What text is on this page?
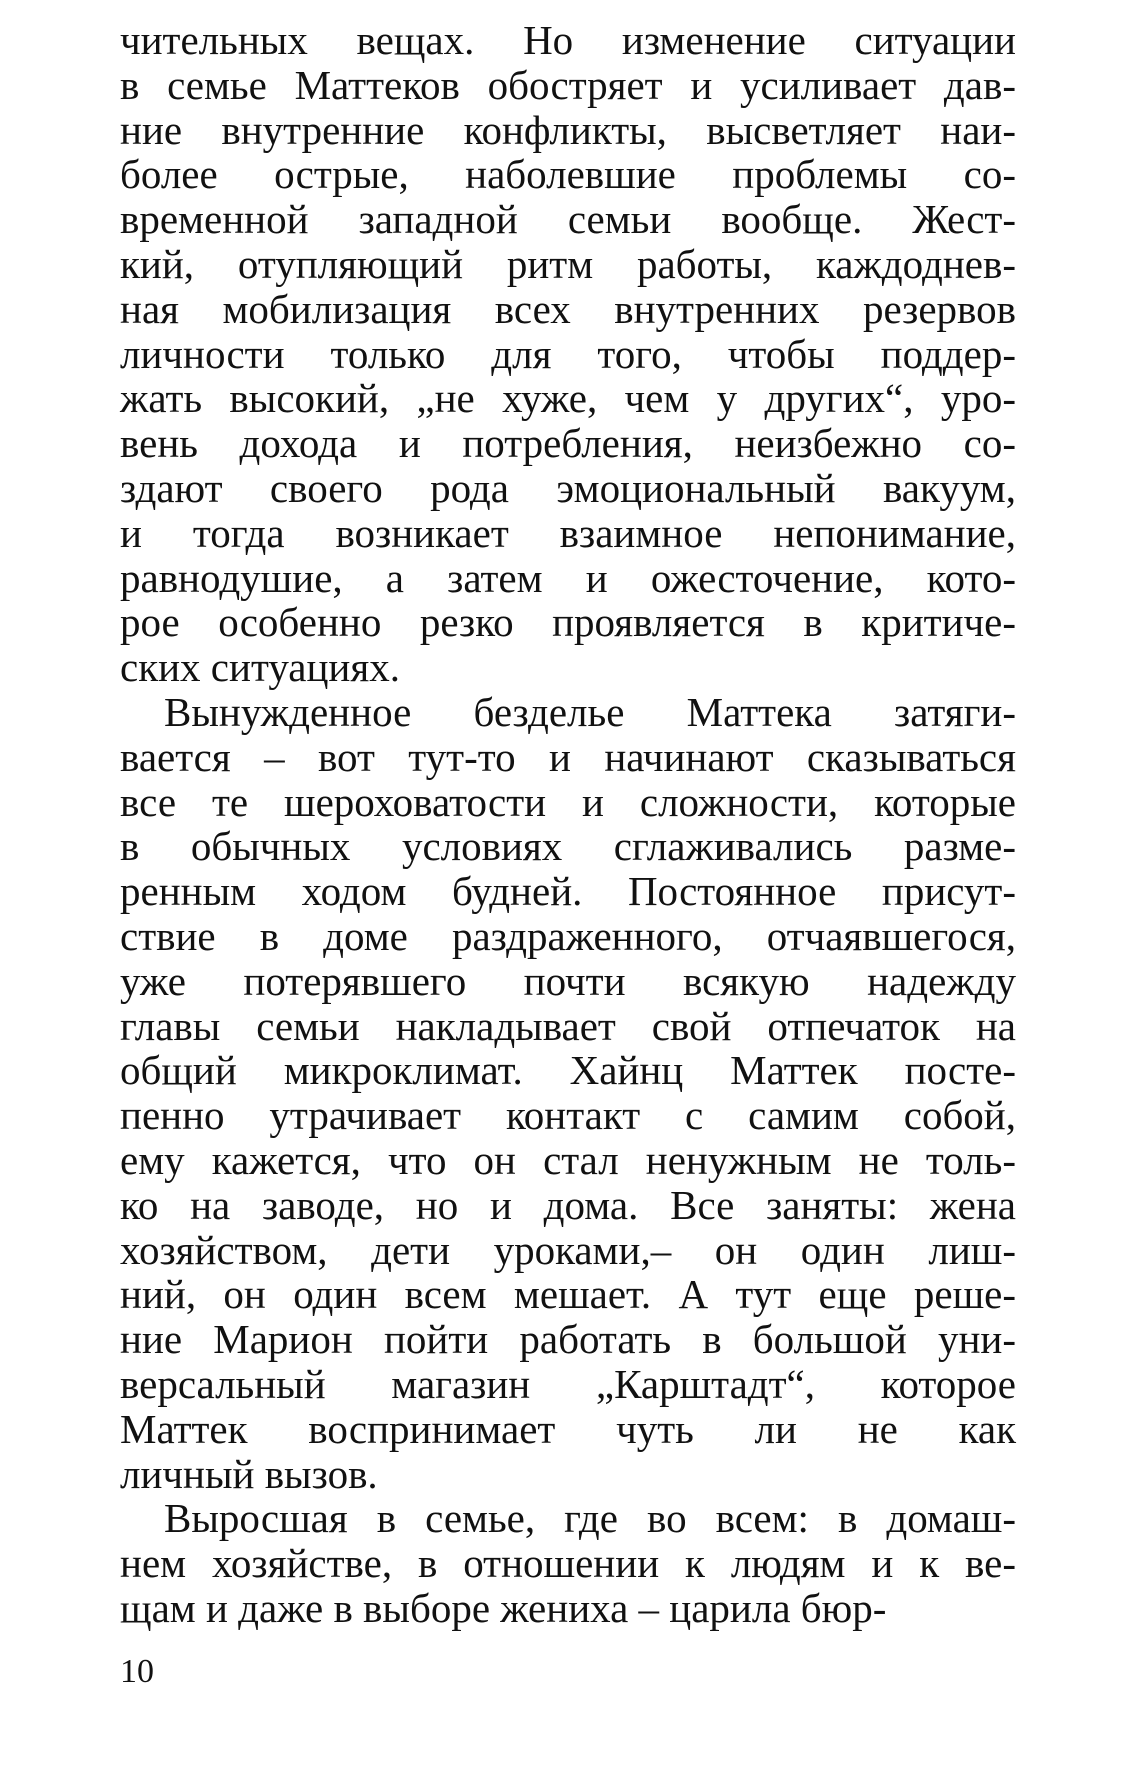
чительных вещах. Но изменение ситуации
в семье Маттеков обостряет и усиливает дав-
ние внутренние конфликты, высветляет наи-
более острые, наболевшие проблемы со-
временной западной семьи вообще. Жест-
кий, отупляющий ритм работы, каждоднев-
ная мобилизация всех внутренних резервов
личности только для того, чтобы поддер-
жать высокий, „не хуже, чем у других“, уро-
вень дохода и потребления, неизбежно со-
здают своего рода эмоциональный вакуум,
и тогда возникает взаимное непонимание,
равнодушие, а затем и ожесточение, кото-
рое особенно резко проявляется в критиче-
ских ситуациях.
Вынужденное безделье Маттека затяги-
вается – вот тут-то и начинают сказываться
все те шероховатости и сложности, которые
в обычных условиях сглаживались разме-
ренным ходом будней. Постоянное присут-
ствие в доме раздраженного, отчаявшегося,
уже потерявшего почти всякую надежду
главы семьи накладывает свой отпечаток на
общий микроклимат. Хайнц Маттек посте-
пенно утрачивает контакт с самим собой,
ему кажется, что он стал ненужным не толь-
ко на заводе, но и дома. Все заняты: жена
хозяйством, дети уроками,– он один лиш-
ний, он один всем мешает. А тут еще реше-
ние Марион пойти работать в большой уни-
версальный магазин „Карштадт“, которое
Маттек воспринимает чуть ли не как
личный вызов.
Выросшая в семье, где во всем: в домаш-
нем хозяйстве, в отношении к людям и к ве-
щам и даже в выборе жениха – царила бюр-
10
